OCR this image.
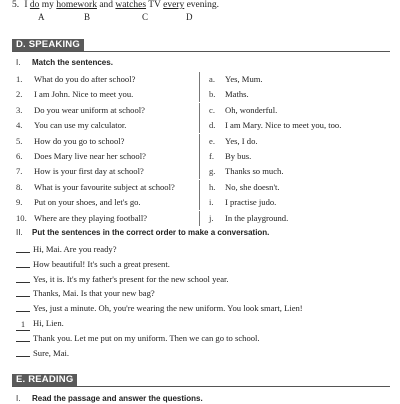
5. I do my homework and watches TV every evening.
A	B	C	D
D. SPEAKING
I. Match the sentences.
1.	What do you do after school?	a. Yes, Mum.
2.	I am John. Nice to meet you.	b. Maths.
3.	Do you wear uniform at school?	c. Oh, wonderful.
4.	You can use my calculator.	d. I am Mary. Nice to meet you, too.
5.	How do you go to school?	e. Yes, I do.
6.	Does Mary live near her school?	f. By bus.
7.	How is your first day at school?	g. Thanks so much.
8.	What is your favourite subject at school?	h. No, she doesn't.
9.	Put on your shoes, and let's go.	i. I practise judo.
10. Where are they playing football?	j. In the playground.
II. Put the sentences in the correct order to make a conversation.
Hi, Mai. Are you ready?
How beautiful! It's such a great present.
Yes, it is. It's my father's present for the new school year.
Thanks, Mai. Is that your new bag?
Yes, just a minute. Oh, you're wearing the new uniform. You look smart, Lien!
1 Hi, Lien.
Thank you. Let me put on my uniform. Then we can go to school.
Sure, Mai.
E. READING
I. Read the passage and answer the questions.
